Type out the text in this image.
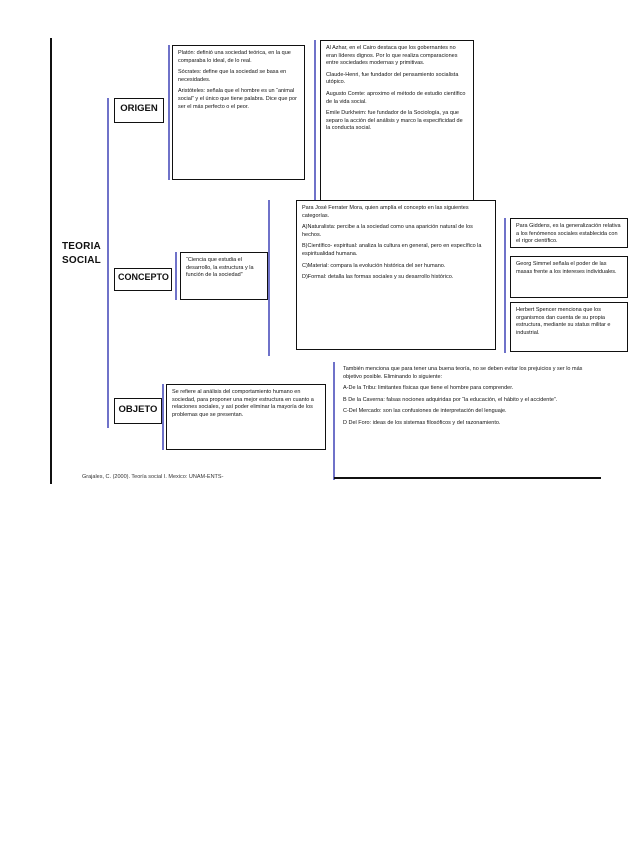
TEORIA SOCIAL
ORIGEN

Platón: definió una sociedad teórica, en la que comparaba lo ideal, de lo real.

Sócrates: define que la sociedad se basa en necesidades.

Aristóteles: señala que el hombre es un “animal social” y el único que tiene palabra. Dice que por ser el más perfecto o el peor.

Al Azhar, en el Cairo destaca que los gobernantes no eran líderes dignos. Por lo que realiza comparaciones entre sociedades modernas y primitivas.

Claude-Henri, fue fundador del pensamiento socialista utópico.

Augusto Comte: aproximo el método de estudio científico de la vida social.

Emile Durkheim: fue fundador de la Sociología, ya que separo la acción del análisis y marco la especificidad de la conducta social.

CONCEPTO

“Ciencia que estudia el desarrollo, la estructura y la función de la sociedad”

Para José Ferrater Mora, quien amplía el concepto en las siguientes categorías.

A)Naturalista: percibe a la sociedad como una aparición natural de los hechos.

B)Científico- espiritual: analiza la cultura en general, pero en específico la espiritualidad humana.

C)Material: compara la evolución histórica del ser humano.

D)Formal: detalla las formas sociales y su desarrollo histórico.

Para Giddens, es la generalización relativa a los fenómenos sociales establecida con el rigor científico.

Georg Simmel señala el poder de las masas frente a los intereses individuales.

Herbert Spencer menciona que los organismos dan cuenta de su propia estructura, mediante su status militar e industrial.

OBJETO

Se refiere al análisis del comportamiento humano en sociedad, para proponer una mejor estructura en cuanto a relaciones sociales, y así poder eliminar la mayoría de los problemas que se presentan.

También menciona que para tener una buena teoría, no se deben evitar los prejuicios y ser lo más objetivo posible. Eliminando lo siguiente:

A-De la Tribu: limitantes físicas que tiene el hombre para comprender.

B De la Caverna: falsas nociones adquiridas por “la educación, el hábito y el accidente”.

C-Del Mercado: son las confusiones de interpretación del lenguaje.

D Del Foro: ideas de los sistemas filosóficos y del razonamiento.

Grajales, C. (2000). Teoría social I. Mexico: UNAM-ENTS-
